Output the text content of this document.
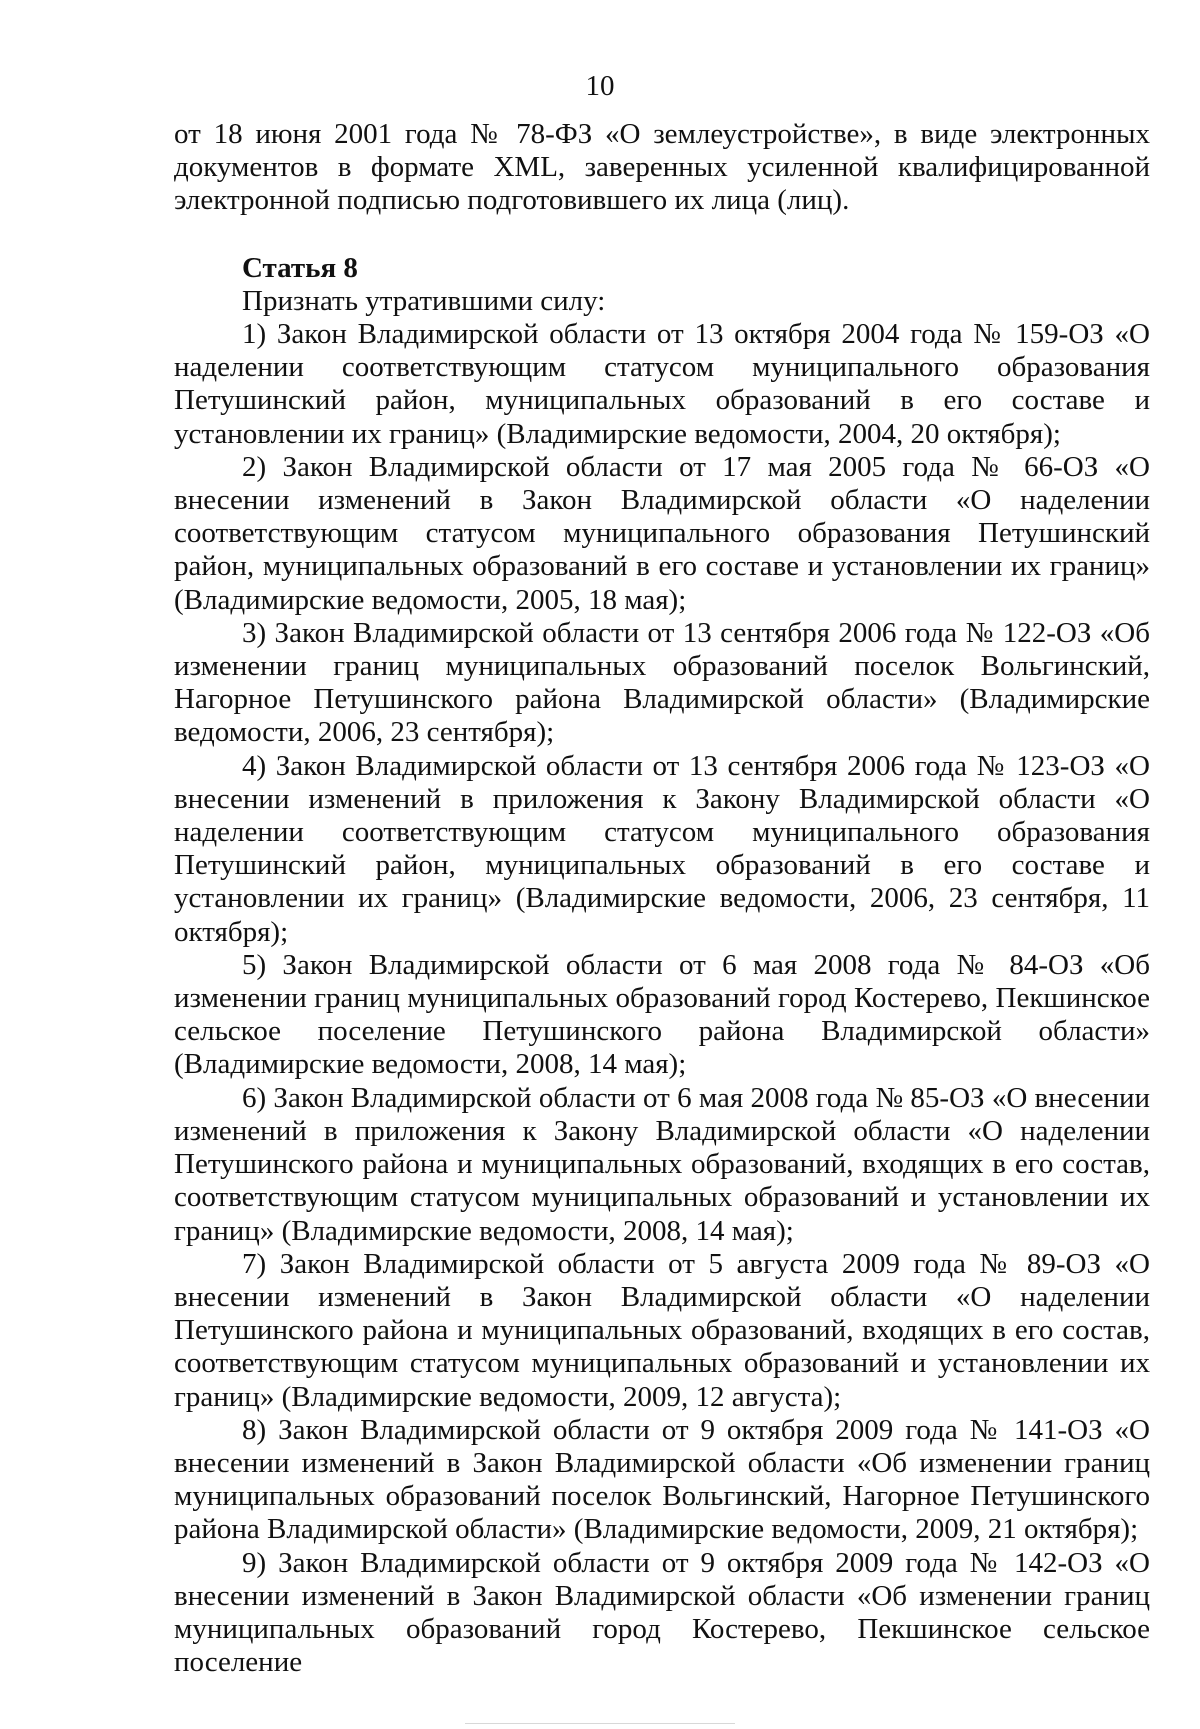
10

от 18 июня 2001 года № 78-ФЗ «О землеустройстве», в виде электронных документов в формате XML, заверенных усиленной квалифицированной электронной подписью подготовившего их лица (лиц).

Статья 8

Признать утратившими силу:

1) Закон Владимирской области от 13 октября 2004 года № 159-ОЗ «О наделении соответствующим статусом муниципального образования Петушинский район, муниципальных образований в его составе и установлении их границ» (Владимирские ведомости, 2004, 20 октября);

2) Закон Владимирской области от 17 мая 2005 года № 66-ОЗ «О внесении изменений в Закон Владимирской области «О наделении соответствующим статусом муниципального образования Петушинский район, муниципальных образований в его составе и установлении их границ» (Владимирские ведомости, 2005, 18 мая);

3) Закон Владимирской области от 13 сентября 2006 года № 122-ОЗ «Об изменении границ муниципальных образований поселок Вольгинский, Нагорное Петушинского района Владимирской области» (Владимирские ведомости, 2006, 23 сентября);

4) Закон Владимирской области от 13 сентября 2006 года № 123-ОЗ «О внесении изменений в приложения к Закону Владимирской области «О наделении соответствующим статусом муниципального образования Петушинский район, муниципальных образований в его составе и установлении их границ» (Владимирские ведомости, 2006, 23 сентября, 11 октября);

5) Закон Владимирской области от 6 мая 2008 года № 84-ОЗ «Об изменении границ муниципальных образований город Костерево, Пекшинское сельское поселение Петушинского района Владимирской области» (Владимирские ведомости, 2008, 14 мая);

6) Закон Владимирской области от 6 мая 2008 года № 85-ОЗ «О внесении изменений в приложения к Закону Владимирской области «О наделении Петушинского района и муниципальных образований, входящих в его состав, соответствующим статусом муниципальных образований и установлении их границ» (Владимирские ведомости, 2008, 14 мая);

7) Закон Владимирской области от 5 августа 2009 года № 89-ОЗ «О внесении изменений в Закон Владимирской области «О наделении Петушинского района и муниципальных образований, входящих в его состав, соответствующим статусом муниципальных образований и установлении их границ» (Владимирские ведомости, 2009, 12 августа);

8) Закон Владимирской области от 9 октября 2009 года № 141-ОЗ «О внесении изменений в Закон Владимирской области «Об изменении границ муниципальных образований поселок Вольгинский, Нагорное Петушинского района Владимирской области» (Владимирские ведомости, 2009, 21 октября);

9) Закон Владимирской области от 9 октября 2009 года № 142-ОЗ «О внесении изменений в Закон Владимирской области «Об изменении границ муниципальных образований город Костерево, Пекшинское сельское поселение
